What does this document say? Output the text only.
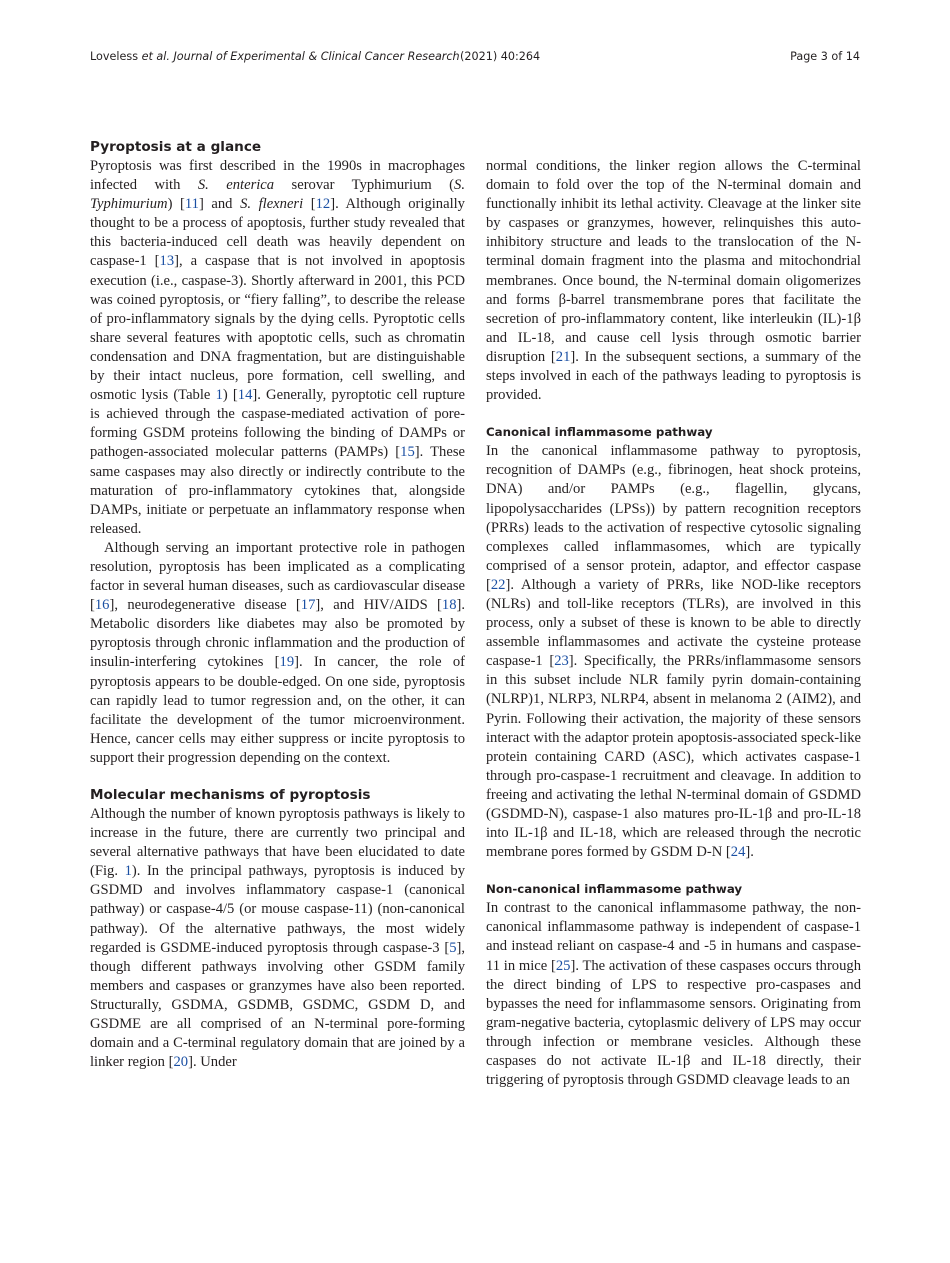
Loveless et al. Journal of Experimental & Clinical Cancer Research (2021) 40:264	Page 3 of 14
Pyroptosis at a glance

Pyroptosis was first described in the 1990s in macrophages infected with S. enterica serovar Typhimurium (S. Typhimurium) [11] and S. flexneri [12]. Although originally thought to be a process of apoptosis, further study revealed that this bacteria-induced cell death was heavily dependent on caspase-1 [13], a caspase that is not involved in apoptosis execution (i.e., caspase-3). Shortly afterward in 2001, this PCD was coined pyroptosis, or “fiery falling”, to describe the release of pro-inflammatory signals by the dying cells. Pyroptotic cells share several features with apoptotic cells, such as chromatin condensation and DNA fragmentation, but are distinguishable by their intact nucleus, pore formation, cell swelling, and osmotic lysis (Table 1) [14]. Generally, pyroptotic cell rupture is achieved through the caspase-mediated activation of pore-forming GSDM proteins following the binding of DAMPs or pathogen-associated molecular patterns (PAMPs) [15]. These same caspases may also directly or indirectly contribute to the maturation of pro-inflammatory cytokines that, alongside DAMPs, initiate or perpetuate an inflammatory response when released.

Although serving an important protective role in pathogen resolution, pyroptosis has been implicated as a complicating factor in several human diseases, such as cardiovascular disease [16], neurodegenerative disease [17], and HIV/AIDS [18]. Metabolic disorders like diabetes may also be promoted by pyroptosis through chronic inflammation and the production of insulin-interfering cytokines [19]. In cancer, the role of pyroptosis appears to be double-edged. On one side, pyroptosis can rapidly lead to tumor regression and, on the other, it can facilitate the development of the tumor microenvironment. Hence, cancer cells may either suppress or incite pyroptosis to support their progression depending on the context.

Molecular mechanisms of pyroptosis

Although the number of known pyroptosis pathways is likely to increase in the future, there are currently two principal and several alternative pathways that have been elucidated to date (Fig. 1). In the principal pathways, pyroptosis is induced by GSDMD and involves inflammatory caspase-1 (canonical pathway) or caspase-4/5 (or mouse caspase-11) (non-canonical pathway). Of the alternative pathways, the most widely regarded is GSDME-induced pyroptosis through caspase-3 [5], though different pathways involving other GSDM family members and caspases or granzymes have also been reported. Structurally, GSDMA, GSDMB, GSDMC, GSDM D, and GSDME are all comprised of an N-terminal pore-forming domain and a C-terminal regulatory domain that are joined by a linker region [20]. Under

normal conditions, the linker region allows the C-terminal domain to fold over the top of the N-terminal domain and functionally inhibit its lethal activity. Cleavage at the linker site by caspases or granzymes, however, relinquishes this auto-inhibitory structure and leads to the translocation of the N-terminal domain fragment into the plasma and mitochondrial membranes. Once bound, the N-terminal domain oligomerizes and forms β-barrel transmembrane pores that facilitate the secretion of pro-inflammatory content, like interleukin (IL)-1β and IL-18, and cause cell lysis through osmotic barrier disruption [21]. In the subsequent sections, a summary of the steps involved in each of the pathways leading to pyroptosis is provided.

Canonical inflammasome pathway

In the canonical inflammasome pathway to pyroptosis, recognition of DAMPs (e.g., fibrinogen, heat shock proteins, DNA) and/or PAMPs (e.g., flagellin, glycans, lipopolysaccharides (LPSs)) by pattern recognition receptors (PRRs) leads to the activation of respective cytosolic signaling complexes called inflammasomes, which are typically comprised of a sensor protein, adaptor, and effector caspase [22]. Although a variety of PRRs, like NOD-like receptors (NLRs) and toll-like receptors (TLRs), are involved in this process, only a subset of these is known to be able to directly assemble inflammasomes and activate the cysteine protease caspase-1 [23]. Specifically, the PRRs/inflammasome sensors in this subset include NLR family pyrin domain-containing (NLRP)1, NLRP3, NLRP4, absent in melanoma 2 (AIM2), and Pyrin. Following their activation, the majority of these sensors interact with the adaptor protein apoptosis-associated speck-like protein containing CARD (ASC), which activates caspase-1 through pro-caspase-1 recruitment and cleavage. In addition to freeing and activating the lethal N-terminal domain of GSDMD (GSDMD-N), caspase-1 also matures pro-IL-1β and pro-IL-18 into IL-1β and IL-18, which are released through the necrotic membrane pores formed by GSDM D-N [24].

Non-canonical inflammasome pathway

In contrast to the canonical inflammasome pathway, the non-canonical inflammasome pathway is independent of caspase-1 and instead reliant on caspase-4 and -5 in humans and caspase-11 in mice [25]. The activation of these caspases occurs through the direct binding of LPS to respective pro-caspases and bypasses the need for inflammasome sensors. Originating from gram-negative bacteria, cytoplasmic delivery of LPS may occur through infection or membrane vesicles. Although these caspases do not activate IL-1β and IL-18 directly, their triggering of pyroptosis through GSDMD cleavage leads to an
